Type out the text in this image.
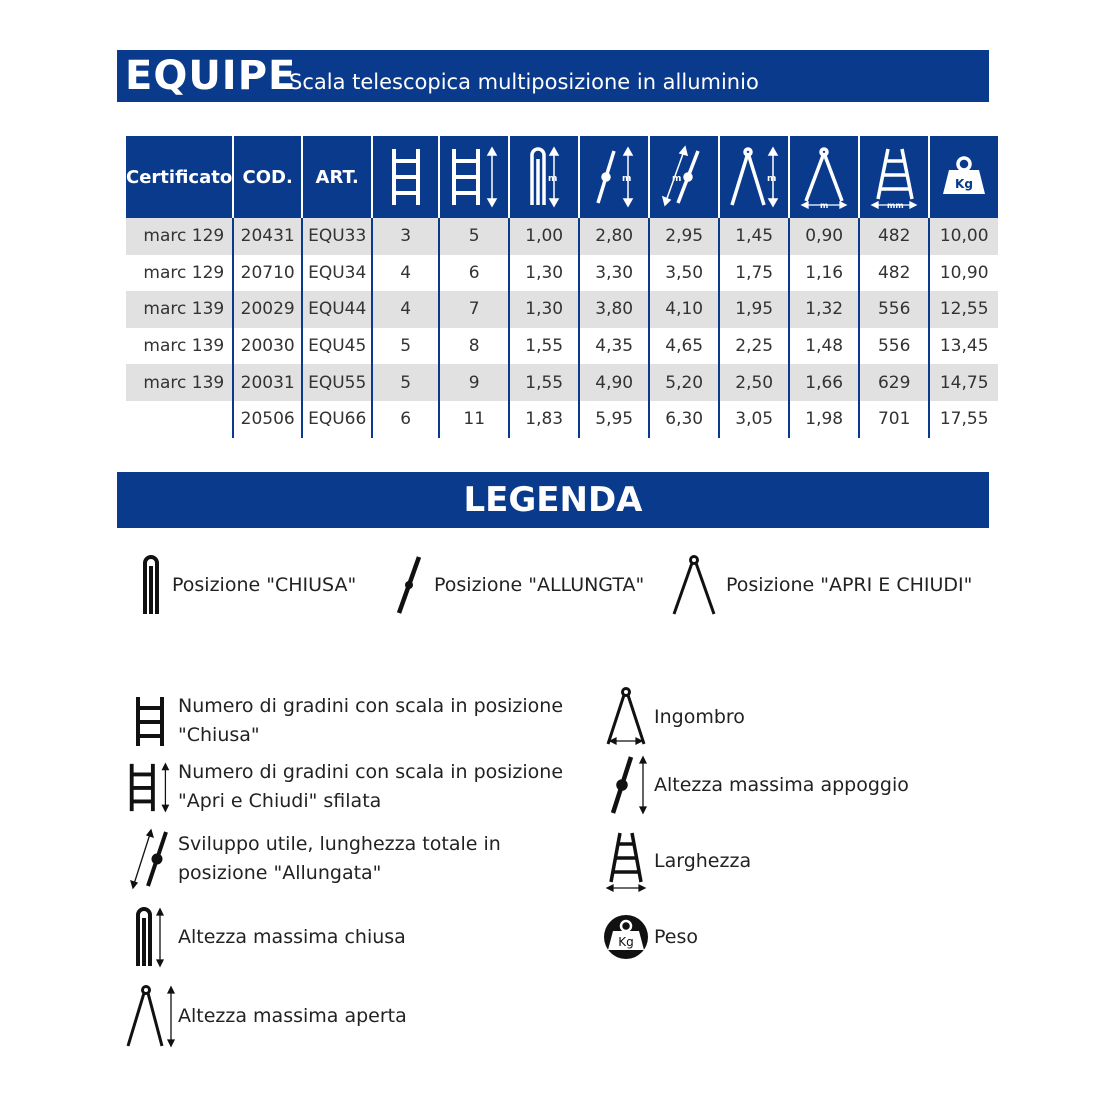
EQUIPE
Scala telescopica multiposizione in alluminio
Certificato	COD.	ART.			m	m	m	m	m	mm	Kg

marc 129	20431	EQU33	3	5	1,00	2,80	2,95	1,45	0,90	482	10,00
marc 129	20710	EQU34	4	6	1,30	3,30	3,50	1,75	1,16	482	10,90
marc 139	20029	EQU44	4	7	1,30	3,80	4,10	1,95	1,32	556	12,55
marc 139	20030	EQU45	5	8	1,55	4,35	4,65	2,25	1,48	556	13,45
marc 139	20031	EQU55	5	9	1,55	4,90	5,20	2,50	1,66	629	14,75
	20506	EQU66	6	11	1,83	5,95	6,30	3,05	1,98	701	17,55
LEGENDA
Posizione "CHIUSA"	Posizione "ALLUNGTA"	Posizione "APRI E CHIUDI"
Numero di gradini con scala in posizione
"Chiusa"
Numero di gradini con scala in posizione
"Apri e Chiudi" sfilata
Sviluppo utile, lunghezza totale in
posizione "Allungata"
Altezza massima chiusa
Altezza massima aperta
Ingombro
Altezza massima appoggio
Larghezza
Kg Peso
